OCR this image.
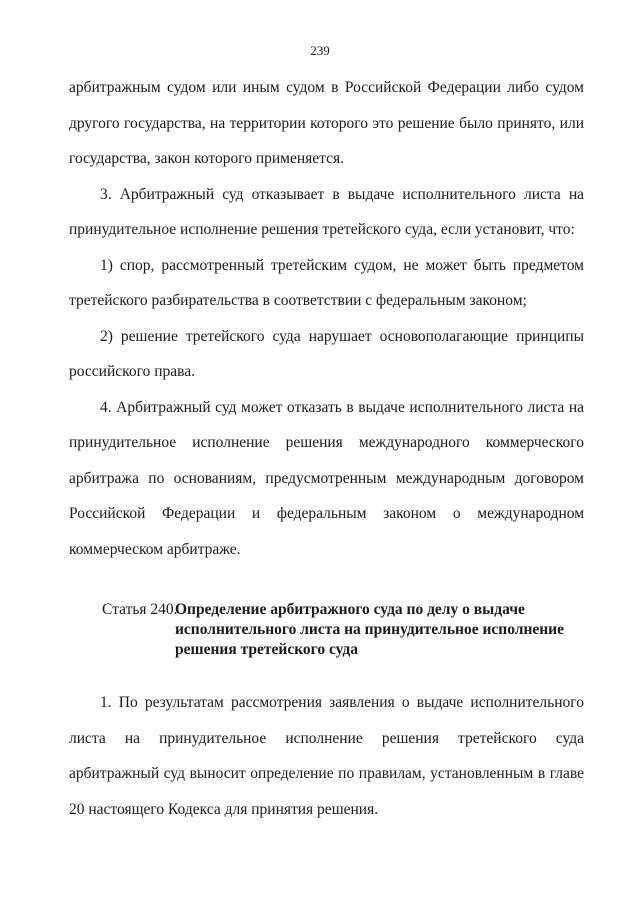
239

арбитражным судом или иным судом в Российской Федерации либо судом другого государства, на территории которого это решение было принято, или государства, закон которого применяется.

3. Арбитражный суд отказывает в выдаче исполнительного листа на принудительное исполнение решения третейского суда, если установит, что:

1) спор, рассмотренный третейским судом, не может быть предметом третейского разбирательства в соответствии с федеральным законом;

2) решение третейского суда нарушает основополагающие принципы российского права.

4. Арбитражный суд может отказать в выдаче исполнительного листа на принудительное исполнение решения международного коммерческого арбитража по основаниям, предусмотренным международным договором Российской Федерации и федеральным законом о международном коммерческом арбитраже.

Статья 240.
Определение арбитражного суда по делу о выдаче исполнительного листа на принудительное исполнение решения третейского суда

1. По результатам рассмотрения заявления о выдаче исполнительного листа на принудительное исполнение решения третейского суда арбитражный суд выносит определение по правилам, установленным в главе 20 настоящего Кодекса для принятия решения.
